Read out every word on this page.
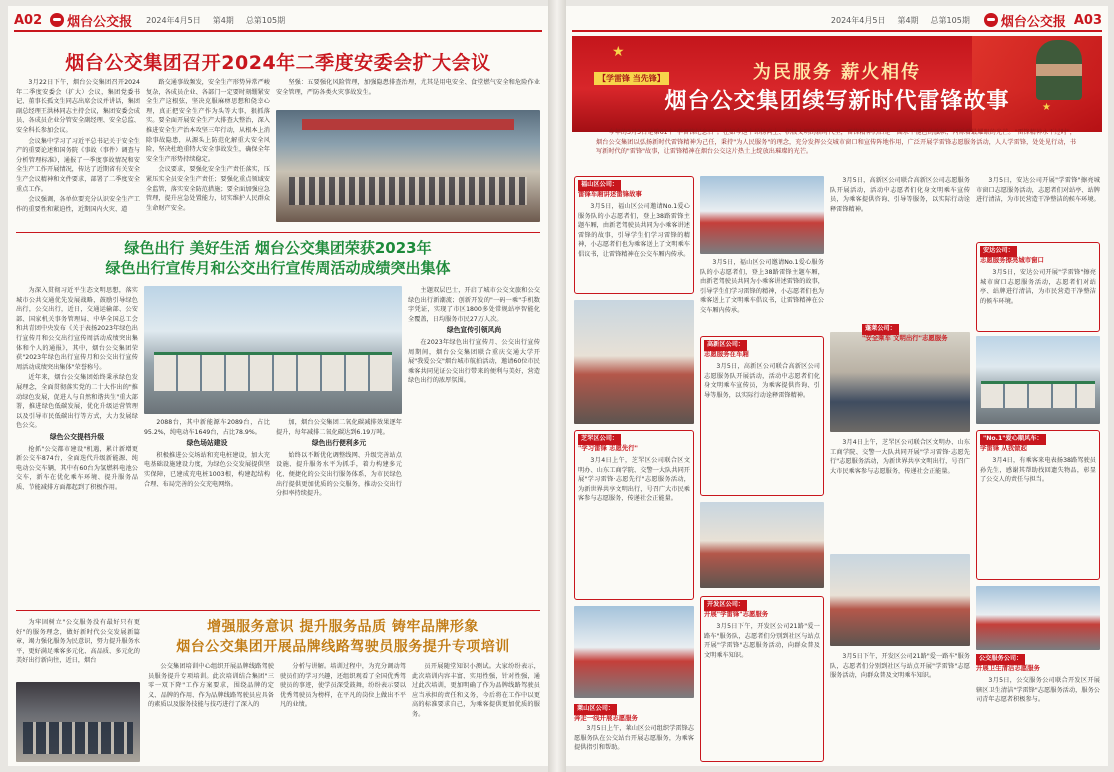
A02 烟台公交报 2024年4月5日 第4期 总第105期
烟台公交集团召开2024年二季度安委会扩大会议

3月22日下午，烟台公交集团召开2024年二季度安委会（扩大）会议，集团党委书记、董事长孤文生同志出席会议并讲话，集团副总经理王洪林同志主持会议，集团安委会成员、各成员企业分管安全副经理、安全总监、安全科长参加会议。

会议集中学习了习近平总书记关于安全生产的重要论述和国务院《事故（事件）调查与分析管理标准》，通报了一季度事故情况和安全生产工作开展情况，传达了近期省有关安全生产会议精神和文件要求，部署了二季度安全重点工作。

会议强调，各单位要充分认识安全生产工作的重要性和紧迫性，近期国内火灾、道

路交通事故频发，安全生产形势异常严峻复杂，各成员企业、各部门一定要时刻绷紧安全生产这根弦，坚决克服麻痹思想和侥幸心理，真正把安全生产作为头等大事，狠抓落实。要全面开展安全生产大排查大整治，深入推进安全生产治本攻坚三年行动，从根本上消除事故隐患，从源头上防范化解重大安全风险，坚决杜绝重特大安全事故发生，确保全年安全生产形势持续稳定。

会议要求，要强化安全生产责任落实，压紧压实全员安全生产责任；要强化重点领域安全监管，落实安全防范措施；要全面加强应急管理，提升应急处置能力，切实维护人民群众生命财产安全。

坚强：五要强化风险管理，加强隐患排查治理，尤其是用电安全、食堂燃气安全和危险作业安全管理，严防各类火灾事故发生。

绿色出行 美好生活 烟台公交集团荣获2023年
绿色出行宣传月和公交出行宣传周活动成绩突出集体

为深入贯彻习近平生态文明思想，落实城市公共交通优先发展战略，鼓励引导绿色出行，公交出行，近日，交通运输部、公安部、国家机关事务管理局、中华全国总工会和共青团中央发布《关于表扬2023年绿色出行宣传月和公交出行宣传周活动成绩突出集体和个人的通报》，其中，烟台公交集团荣获"2023年绿色出行宣传月和公交出行宣传周活动成绩突出集体"荣誉称号。

近年来，烟台公交集团始终秉承绿色发展理念，全面贯彻落实党的二十大作出的"推动绿色发展，促进人与自然和谐共生"重大部署，推进绿色低碳发展，优化升级运营管理以及引导市民低碳出行等方式，大力发展绿色公交。

绿色公交提档升级

抢抓"公交都市建设"机遇，累计新增更新公交车874台，全面迭代升级新能源、纯电动公交车辆，其中有60台为氢燃料电池公交车，新车在优化乘车环境、提升服务品质、节能减排方面都起到了积极作用。

主题双层巴士，开启了城市公交文旅和公交绿色出行新潮流；创新开发的"一码一乘"手机数字凭证，实现了市区1800多处常规站亭智能化全覆盖，日均服务市民27万人次。

绿色宣传引领风尚

在2023年绿色出行宣传月、公交出行宣传周期间，烟台公交集团联合重庆交通大学开展"我爱公交"烟台城市航拍活动，邀请60位市民乘客共同见证公交出行带来的便利与美好，营造绿色出行的浓厚氛围。

2088台，其中新能源车2089台，占比95.2%，纯电动车1649台，占比78.9%。

绿色场站建设

积极推进公交场站和充电桩建设，加大充电基础设施建设力度，为绿色公交发展提供坚实保障，已建成充电桩1003根，构建起结构合理、布局完善的公交充电网络。

加，烟台公交集团二氧化碳减排效果逐年提升，每年减排二氧化碳达到6.19万吨。

绿色出行便利多元

始终以不断优化调整线网、升级完善站点设施、提升服务水平为抓手，着力构建多元化、便捷化的公交出行服务体系，为市民绿色出行提供更加优质的公交服务，推动公交出行分担率持续提升。

为牢固树立"公交服务没有最好只有更好"的服务理念，做好新时代公交发展新篇章，竭力强化服务为民意识，努力提升服务水平，更好满足乘客多元化、高品质、多元化的美好出行新向往，近日，烟台

增强服务意识 提升服务品质 铸牢品牌形象
烟台公交集团开展品牌线路驾驶员服务提升专项培训

公交集团培训中心组织开展品牌线路驾驶员服务提升专项培训。此次培训结合集团"三零一双下降"工作方案要求，围绕品牌的定义、品牌的作用、作为品牌线路驾驶员应具备的素质以及服务技能与技巧进行了深入的

分析与讲解。培训过程中，为充分调动驾驶员们的学习兴趣，还组织观看了全国优秀驾驶员的事迹，使学员深受鼓舞，纷纷表示要以优秀驾驶员为榜样，在平凡的岗位上做出不平凡的业绩。

员开展随堂知识小测试。大家纷纷表示，此次培训内容丰富、实用性强，针对性强，通过此次培训，更加明确了作为品牌线路驾驶员应当承担的责任和义务，今后将在工作中以更高的标准要求自己，为乘客提供更加优质的服务。

2024年4月5日 第4期 总第105期 烟台公交报 A03
★
★
【学雷锋 当先锋】	为民服务 薪火相传
烟台公交集团续写新时代雷锋故事
今年的3月5日是第61个"学雷锋纪念日"。在如今这个昂扬向上、积极文明的新时代里，雷锋精神仍旧是一面永不褪色的旗帜，闪烁着最耀眼的光芒。"雷锋精神永不过时"，烟台公交集团以弘扬新时代雷锋精神为己任，秉持"为人民服务"的理念，充分发挥公交城市窗口和宣传阵地作用，广泛开展学雷锋志愿服务活动，人人学雷锋，处处见行动，书写新时代的"雷锋"故事，让雷锋精神在烟台公交这片热土上绽放出璀璨的光芒。
福山区公司：
雷锋车厢讲述雷锋故事

3月5日，福山区公司邀请No.1爱心服务队的小志愿者们，登上38路雷锋主题车厢，由新老驾驶员共同为小乘客讲述雷锋的故事，引导学生们学习雷锋的精神，小志愿者们也为乘客送上了文明乘车倡议书，让雷锋精神在公交车厢内传承。

芝罘区公司：
"学习雷锋 志愿先行"

3月4日上午，芝罘区公司联合区文明办、山东工商学院、交警一大队共同开展"学习雷锋·志愿先行"志愿服务活动，为新世界共享文明出行，号召广大市民乘客参与志愿服务，传递社会正能量。

莱山区公司：
奔走一线开展志愿服务

3月5日上午，莱山区公司组织学雷锋志愿服务队在公交站台开展志愿服务，为乘客提供指引和帮助。

3月5日，福山区公司邀请No.1爱心服务队的小志愿者们，登上38路雷锋主题车厢，由新老驾驶员共同为小乘客讲述雷锋的故事，引导学生们学习雷锋的精神，小志愿者们也为乘客送上了文明乘车倡议书，让雷锋精神在公交车厢内传承。

高新区公司：
志愿服务在车厢

3月5日，高新区公司联合高新区公司志愿服务队开展活动，活动中志愿者们化身文明乘车宣传员，为乘客提供咨询、引导等服务，以实际行动诠释雷锋精神。

开发区公司：
开展"学雷锋"志愿服务

3月5日下午，开发区公司21路"爱一路车"服务队，志愿者们分别到社区与站点开展"学雷锋"志愿服务活动，向群众普及文明乘车知识。

3月5日，高新区公司联合高新区公司志愿服务队开展活动，活动中志愿者们化身文明乘车宣传员，为乘客提供咨询、引导等服务，以实际行动诠释雷锋精神。

3月4日上午，芝罘区公司联合区文明办、山东工商学院、交警一大队共同开展"学习雷锋·志愿先行"志愿服务活动，为新世界共享文明出行，号召广大市民乘客参与志愿服务，传递社会正能量。

3月5日下午，开发区公司21路"爱一路车"服务队，志愿者们分别到社区与站点开展"学雷锋"志愿服务活动，向群众普及文明乘车知识。

3月5日，安达公司开展"学雷锋"擦亮城市窗口志愿服务活动，志愿者们对站亭、站牌进行清洁，为市民营造干净整洁的候车环境。

安达公司：
志愿服务擦亮城市窗口

3月5日，安达公司开展"学雷锋"擦亮城市窗口志愿服务活动，志愿者们对站亭、站牌进行清洁，为市民营造干净整洁的候车环境。

蓬莱公司：
"安全乘车 文明出行"志愿服务
"No.1"爱心顺风车：
学雷锋 从我做起

3月4日，有乘客来电表扬38路驾驶员孙先生，感谢其帮助找回遗失物品，彰显了公交人的责任与担当。

公交服务公司：
开展卫生清洁志愿服务

3月5日，公交服务公司联合开发区开展辖区卫生清洁"学雷锋"志愿服务活动，服务公司青年志愿者积极参与。
